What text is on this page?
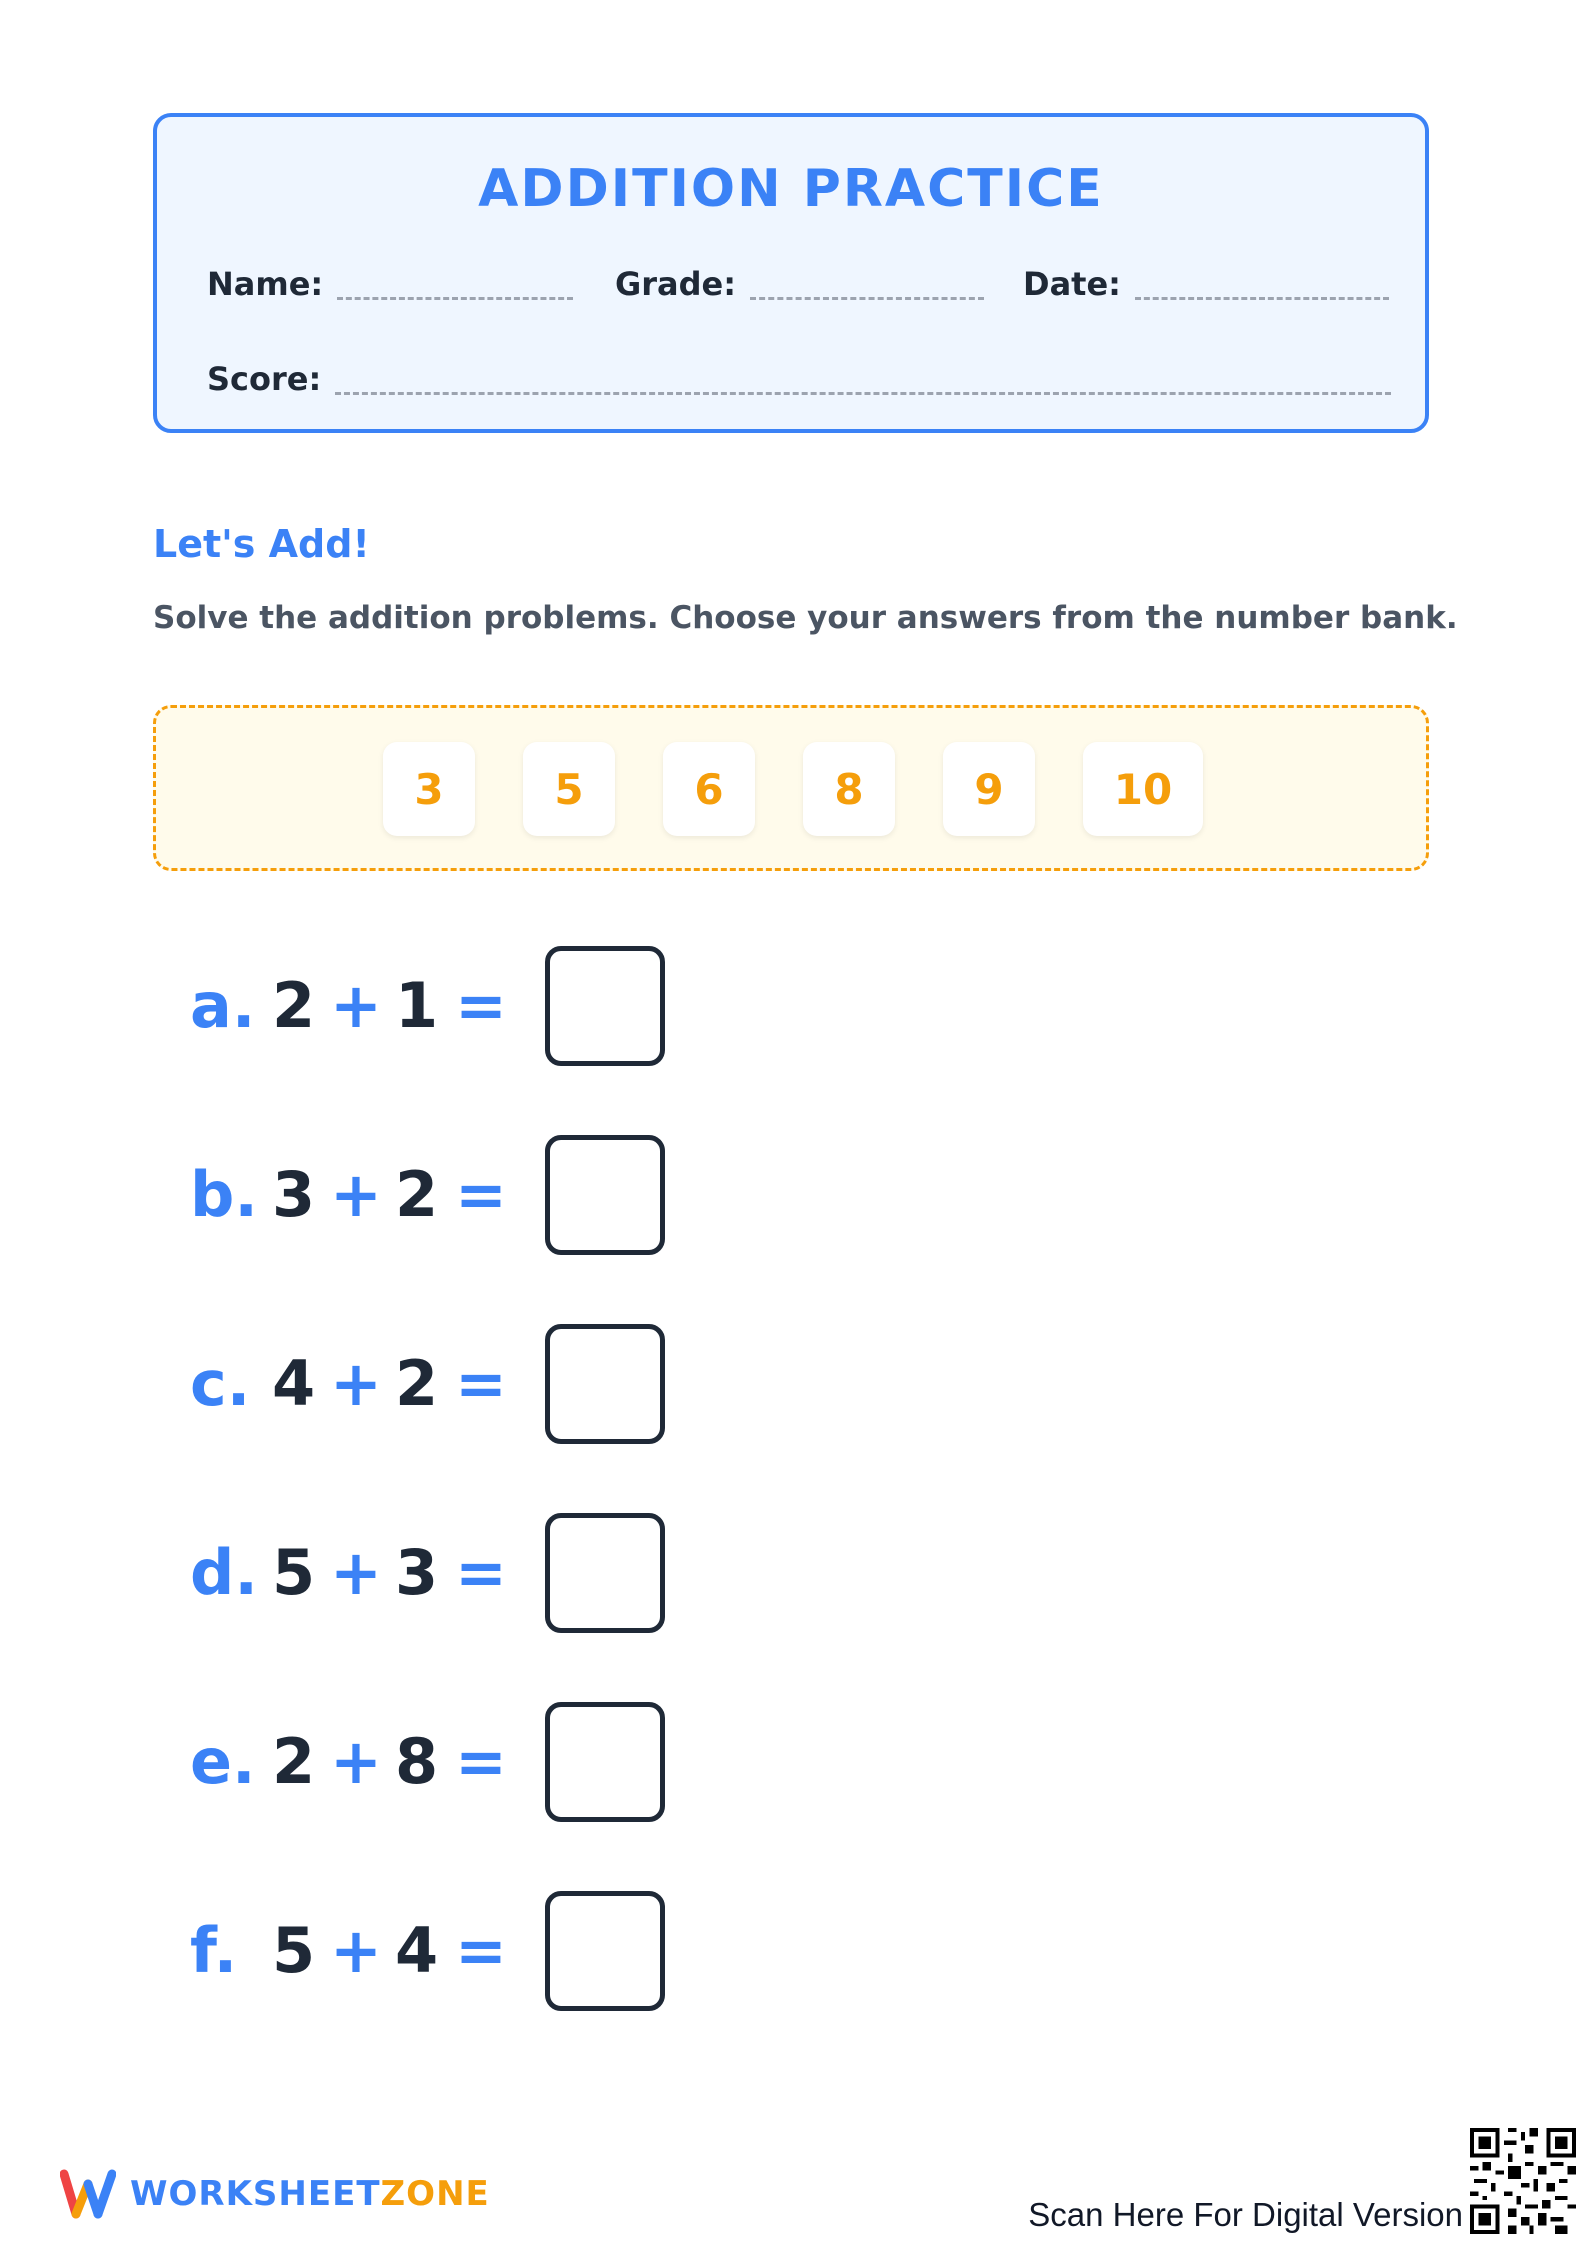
ADDITION PRACTICE
Name:	Grade:	Date:
Score:
Let's Add!
Solve the addition problems. Choose your answers from the number bank.
3	5	6	8	9	10
a. 2 + 1 =
b. 3 + 2 =
c. 4 + 2 =
d. 5 + 3 =
e. 2 + 8 =
f. 5 + 4 =
WORKSHEETZONE
Scan Here For Digital Version
